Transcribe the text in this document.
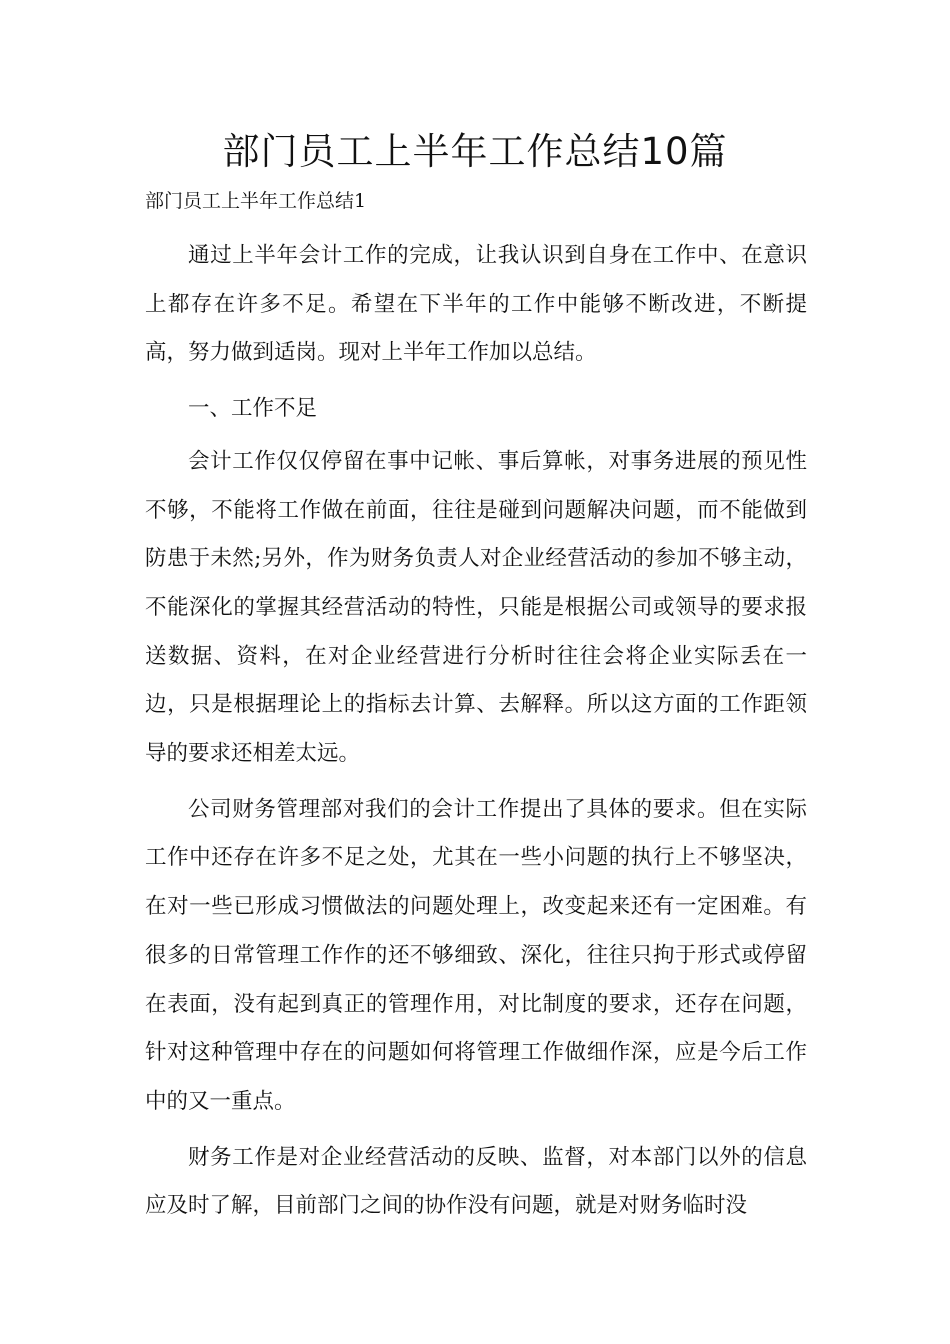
部门员工上半年工作总结10篇

部门员工上半年工作总结1

通过上半年会计工作的完成，让我认识到自身在工作中、在意识上都存在许多不足。希望在下半年的工作中能够不断改进，不断提高，努力做到适岗。现对上半年工作加以总结。

一、工作不足

会计工作仅仅停留在事中记帐、事后算帐，对事务进展的预见性不够，不能将工作做在前面，往往是碰到问题解决问题，而不能做到防患于未然;另外，作为财务负责人对企业经营活动的参加不够主动，不能深化的掌握其经营活动的特性，只能是根据公司或领导的要求报送数据、资料，在对企业经营进行分析时往往会将企业实际丢在一边，只是根据理论上的指标去计算、去解释。所以这方面的工作距领导的要求还相差太远。

公司财务管理部对我们的会计工作提出了具体的要求。但在实际工作中还存在许多不足之处，尤其在一些小问题的执行上不够坚决，在对一些已形成习惯做法的问题处理上，改变起来还有一定困难。有很多的日常管理工作作的还不够细致、深化，往往只拘于形式或停留在表面，没有起到真正的管理作用，对比制度的要求，还存在问题，针对这种管理中存在的问题如何将管理工作做细作深，应是今后工作中的又一重点。

财务工作是对企业经营活动的反映、监督，对本部门以外的信息应及时了解，目前部门之间的协作没有问题，就是对财务临时没
